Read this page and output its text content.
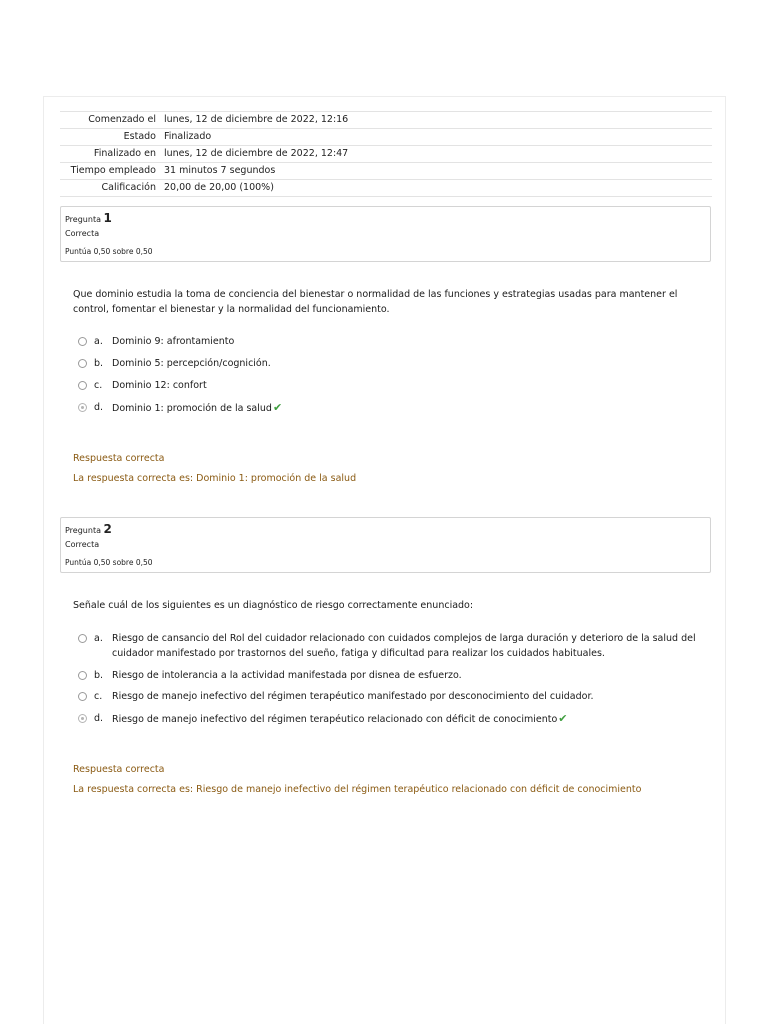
Comenzado el lunes, 12 de diciembre de 2022, 12:16
Estado Finalizado
Finalizado en lunes, 12 de diciembre de 2022, 12:47
Tiempo empleado 31 minutos 7 segundos
Calificación 20,00 de 20,00 (100%)
Pregunta 1
Correcta
Puntúa 0,50 sobre 0,50
Que dominio estudia la toma de conciencia del bienestar o normalidad de las funciones y estrategias usadas para mantener el control, fomentar el bienestar y la normalidad del funcionamiento.
a. Dominio 9: afrontamiento
b. Dominio 5: percepción/cognición.
c. Dominio 12: confort
d. Dominio 1: promoción de la salud✔
Respuesta correcta
La respuesta correcta es: Dominio 1: promoción de la salud
Pregunta 2
Correcta
Puntúa 0,50 sobre 0,50
Señale cuál de los siguientes es un diagnóstico de riesgo correctamente enunciado:
a. Riesgo de cansancio del Rol del cuidador relacionado con cuidados complejos de larga duración y deterioro de la salud del cuidador manifestado por trastornos del sueño, fatiga y dificultad para realizar los cuidados habituales.
b. Riesgo de intolerancia a la actividad manifestada por disnea de esfuerzo.
c. Riesgo de manejo inefectivo del régimen terapéutico manifestado por desconocimiento del cuidador.
d. Riesgo de manejo inefectivo del régimen terapéutico relacionado con déficit de conocimiento✔
Respuesta correcta
La respuesta correcta es: Riesgo de manejo inefectivo del régimen terapéutico relacionado con déficit de conocimiento
